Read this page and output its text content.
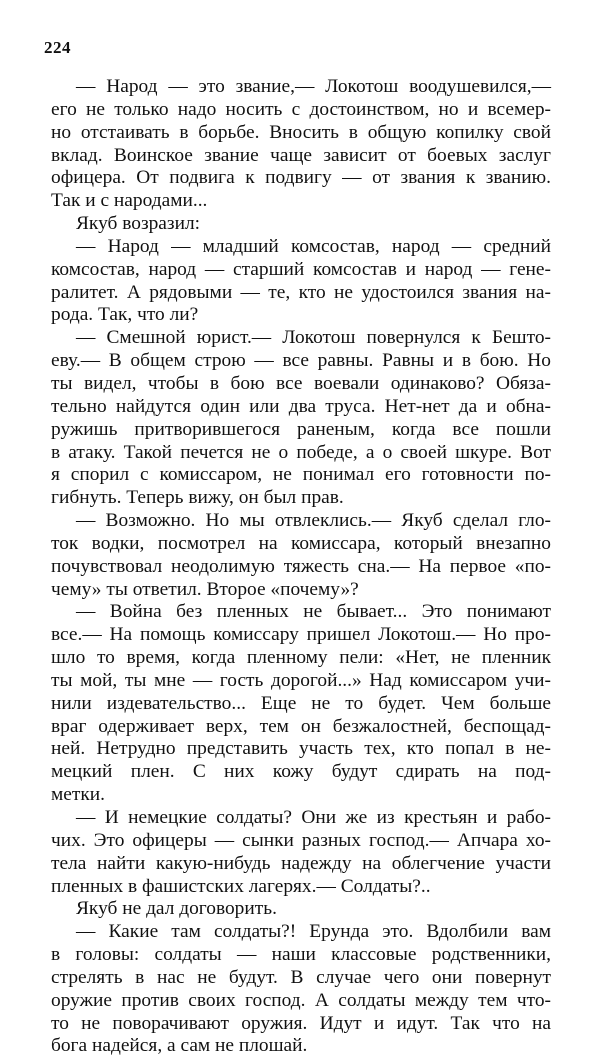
224
— Народ — это звание,— Локотош воодушевился,—
его не только надо носить с достоинством, но и всемер-
но отстаивать в борьбе. Вносить в общую копилку свой
вклад. Воинское звание чаще зависит от боевых заслуг
офицера. От подвига к подвигу — от звания к званию.
Так и с народами...
Якуб возразил:
— Народ — младший комсостав, народ — средний
комсостав, народ — старший комсостав и народ — гене-
ралитет. А рядовыми — те, кто не удостоился звания на-
рода. Так, что ли?
— Смешной юрист.— Локотош повернулся к Бешто-
еву.— В общем строю — все равны. Равны и в бою. Но
ты видел, чтобы в бою все воевали одинаково? Обяза-
тельно найдутся один или два труса. Нет-нет да и обна-
ружишь притворившегося раненым, когда все пошли
в атаку. Такой печется не о победе, а о своей шкуре. Вот
я спорил с комиссаром, не понимал его готовности по-
гибнуть. Теперь вижу, он был прав.
— Возможно. Но мы отвлеклись.— Якуб сделал гло-
ток водки, посмотрел на комиссара, который внезапно
почувствовал неодолимую тяжесть сна.— На первое «по-
чему» ты ответил. Второе «почему»?
— Война без пленных не бывает... Это понимают
все.— На помощь комиссару пришел Локотош.— Но про-
шло то время, когда пленному пели: «Нет, не пленник
ты мой, ты мне — гость дорогой...» Над комиссаром учи-
нили издевательство... Еще не то будет. Чем больше
враг одерживает верх, тем он безжалостней, беспощад-
ней. Нетрудно представить участь тех, кто попал в не-
мецкий плен. С них кожу будут сдирать на под-
метки.
— И немецкие солдаты? Они же из крестьян и рабо-
чих. Это офицеры — сынки разных господ.— Апчара хо-
тела найти какую-нибудь надежду на облегчение участи
пленных в фашистских лагерях.— Солдаты?..
Якуб не дал договорить.
— Какие там солдаты?! Ерунда это. Вдолбили вам
в головы: солдаты — наши классовые родственники,
стрелять в нас не будут. В случае чего они повернут
оружие против своих господ. А солдаты между тем что-
то не поворачивают оружия. Идут и идут. Так что на
бога надейся, а сам не плошай.
